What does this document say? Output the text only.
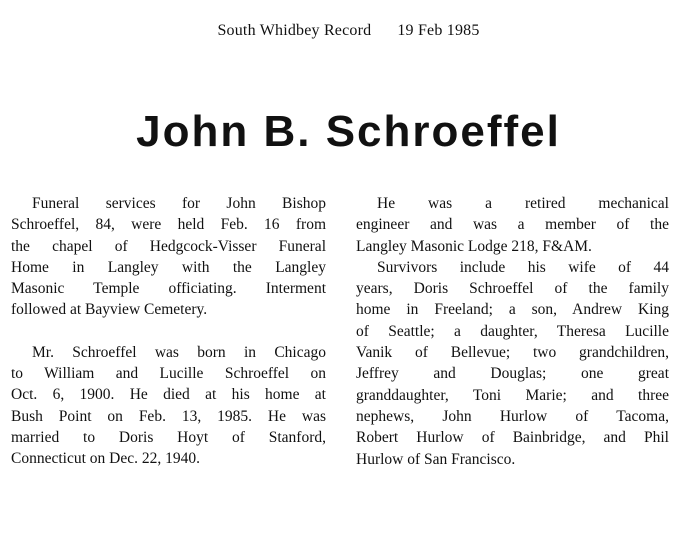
South Whidbey Record 19 Feb 1985
John B. Schroeffel

Funeral services for John Bishop
Schroeffel, 84, were held Feb. 16 from
the chapel of Hedgcock-Visser Funeral
Home in Langley with the Langley
Masonic Temple officiating. Interment
followed at Bayview Cemetery.

Mr. Schroeffel was born in Chicago
to William and Lucille Schroeffel on
Oct. 6, 1900. He died at his home at
Bush Point on Feb. 13, 1985. He was
married to Doris Hoyt of Stanford,
Connecticut on Dec. 22, 1940.

He was a retired mechanical
engineer and was a member of the
Langley Masonic Lodge 218, F&AM.

Survivors include his wife of 44
years, Doris Schroeffel of the family
home in Freeland; a son, Andrew King
of Seattle; a daughter, Theresa Lucille
Vanik of Bellevue; two grandchildren,
Jeffrey and Douglas; one great
granddaughter, Toni Marie; and three
nephews, John Hurlow of Tacoma,
Robert Hurlow of Bainbridge, and Phil
Hurlow of San Francisco.
